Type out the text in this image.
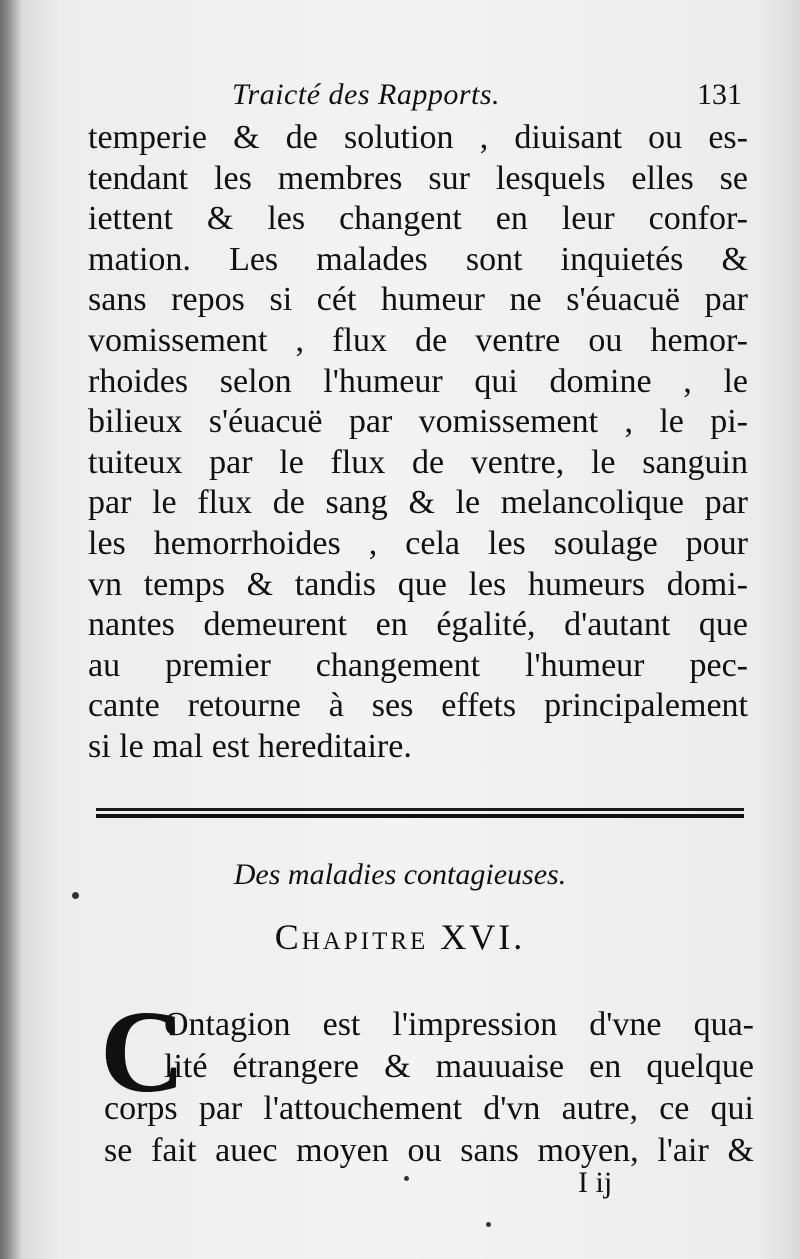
Traicté des Rapports.	131
temperie & de solution , diuisant ou es-
tendant les membres sur lesquels elles se
iettent & les changent en leur confor-
mation. Les malades sont inquietés &
sans repos si cét humeur ne s'éuacuë par
vomissement , flux de ventre ou hemor-
rhoides selon l'humeur qui domine , le
bilieux s'éuacuë par vomissement , le pi-
tuiteux par le flux de ventre, le sanguin
par le flux de sang & le melancolique par
les hemorrhoides , cela les soulage pour
vn temps & tandis que les humeurs domi-
nantes demeurent en égalité, d'autant que
au premier changement l'humeur pec-
cante retourne à ses effets principalement
si le mal est hereditaire.
Des maladies contagieuses.
Chapitre XVI.
C
Ontagion est l'impression d'vne qua-
lité étrangere & mauuaise en quelque
corps par l'attouchement d'vn autre, ce qui
se fait auec moyen ou sans moyen, l'air &
I ij
